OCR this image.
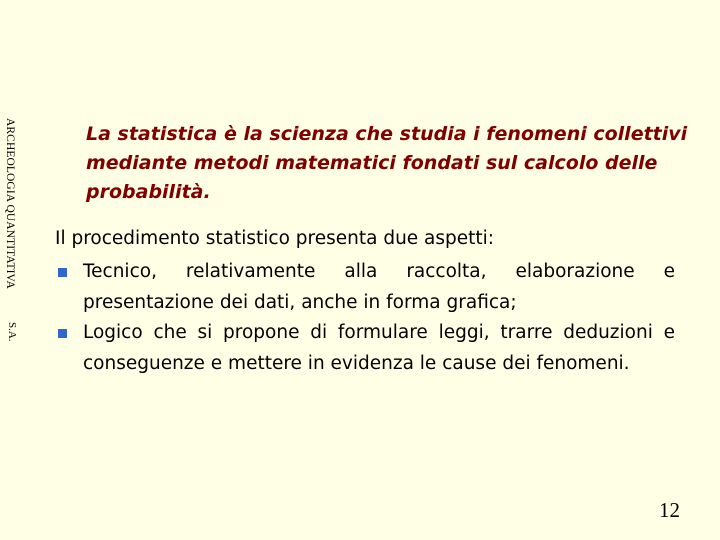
ARCHEOLOGIA QUANTITATIVA
S.A.
La statistica è la scienza che studia i fenomeni collettivi mediante metodi matematici fondati sul calcolo delle probabilità.
Il procedimento statistico presenta due aspetti:
Tecnico, relativamente alla raccolta, elaborazione e presentazione dei dati, anche in forma grafica;
Logico che si propone di formulare leggi, trarre deduzioni e conseguenze e mettere in evidenza le cause dei fenomeni.
12
